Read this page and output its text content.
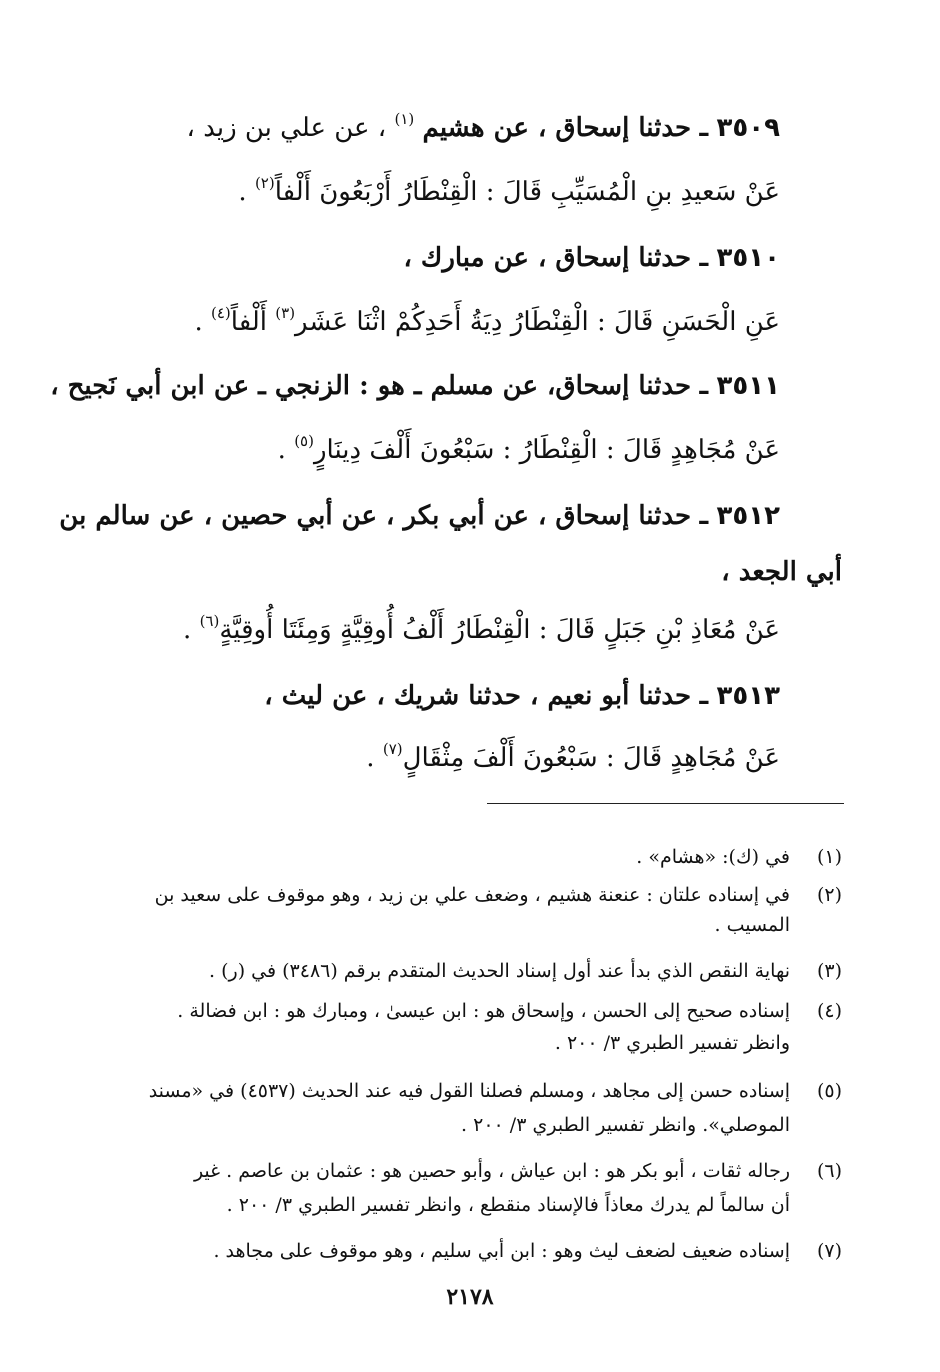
٣٥٠٩ ـ حدثنا إسحاق ، عن هشيم $^{(١)}$ ، عن علي بن زيد ،
عَنْ سَعيدِ بنِ الْمُسَيِّبِ قَالَ : الْقِنْطَارُ أَرْبَعُونَ أَلْفاً$^{(٢)}$ .
٣٥١٠ ـ حدثنا إسحاق ، عن مبارك ،
عَنِ الْحَسَنِ قَالَ : الْقِنْطَارُ دِيَةُ أَحَدِكُمْ اثْنَا عَشَر$^{(٣)}$ أَلْفاً$^{(٤)}$ .
٣٥١١ ـ حدثنا إسحاق، عن مسلم ـ هو : الزنجي ـ عن ابن أبي نَجيح ،
عَنْ مُجَاهِدٍ قَالَ : الْقِنْطَارُ : سَبْعُونَ أَلْفَ دِينَارٍ$^{(٥)}$ .
٣٥١٢ ـ حدثنا إسحاق ، عن أبي بكر ، عن أبي حصين ، عن سالم بن
أبي الجعد ،
عَنْ مُعَاذِ بْنِ جَبَلٍ قَالَ : الْقِنْطَارُ أَلْفُ أُوقِيَّةٍ وَمِئَتَا أُوقِيَّةٍ$^{(٦)}$ .
٣٥١٣ ـ حدثنا أبو نعيم ، حدثنا شريك ، عن ليث ،
عَنْ مُجَاهِدٍ قَالَ : سَبْعُونَ أَلْفَ مِثْقَالٍ$^{(٧)}$ .
(١)
في (ك): «هشام» .
(٢)
في إسناده علتان : عنعنة هشيم ، وضعف علي بن زيد ، وهو موقوف على سعيد بن
المسيب .
(٣)
نهاية النقص الذي بدأ عند أول إسناد الحديث المتقدم برقم (٣٤٨٦) في (ر) .
(٤)
إسناده صحيح إلى الحسن ، وإسحاق هو : ابن عيسىٰ ، ومبارك هو : ابن فضالة .
وانظر تفسير الطبري ٣/ ٢٠٠ .
(٥)
إسناده حسن إلى مجاهد ، ومسلم فصلنا القول فيه عند الحديث (٤٥٣٧) في «مسند
الموصلي». وانظر تفسير الطبري ٣/ ٢٠٠ .
(٦)
رجاله ثقات ، أبو بكر هو : ابن عياش ، وأبو حصين هو : عثمان بن عاصم . غير
أن سالماً لم يدرك معاذاً فالإسناد منقطع ، وانظر تفسير الطبري ٣/ ٢٠٠ .
(٧)
إسناده ضعيف لضعف ليث وهو : ابن أبي سليم ، وهو موقوف على مجاهد .
٢١٧٨
